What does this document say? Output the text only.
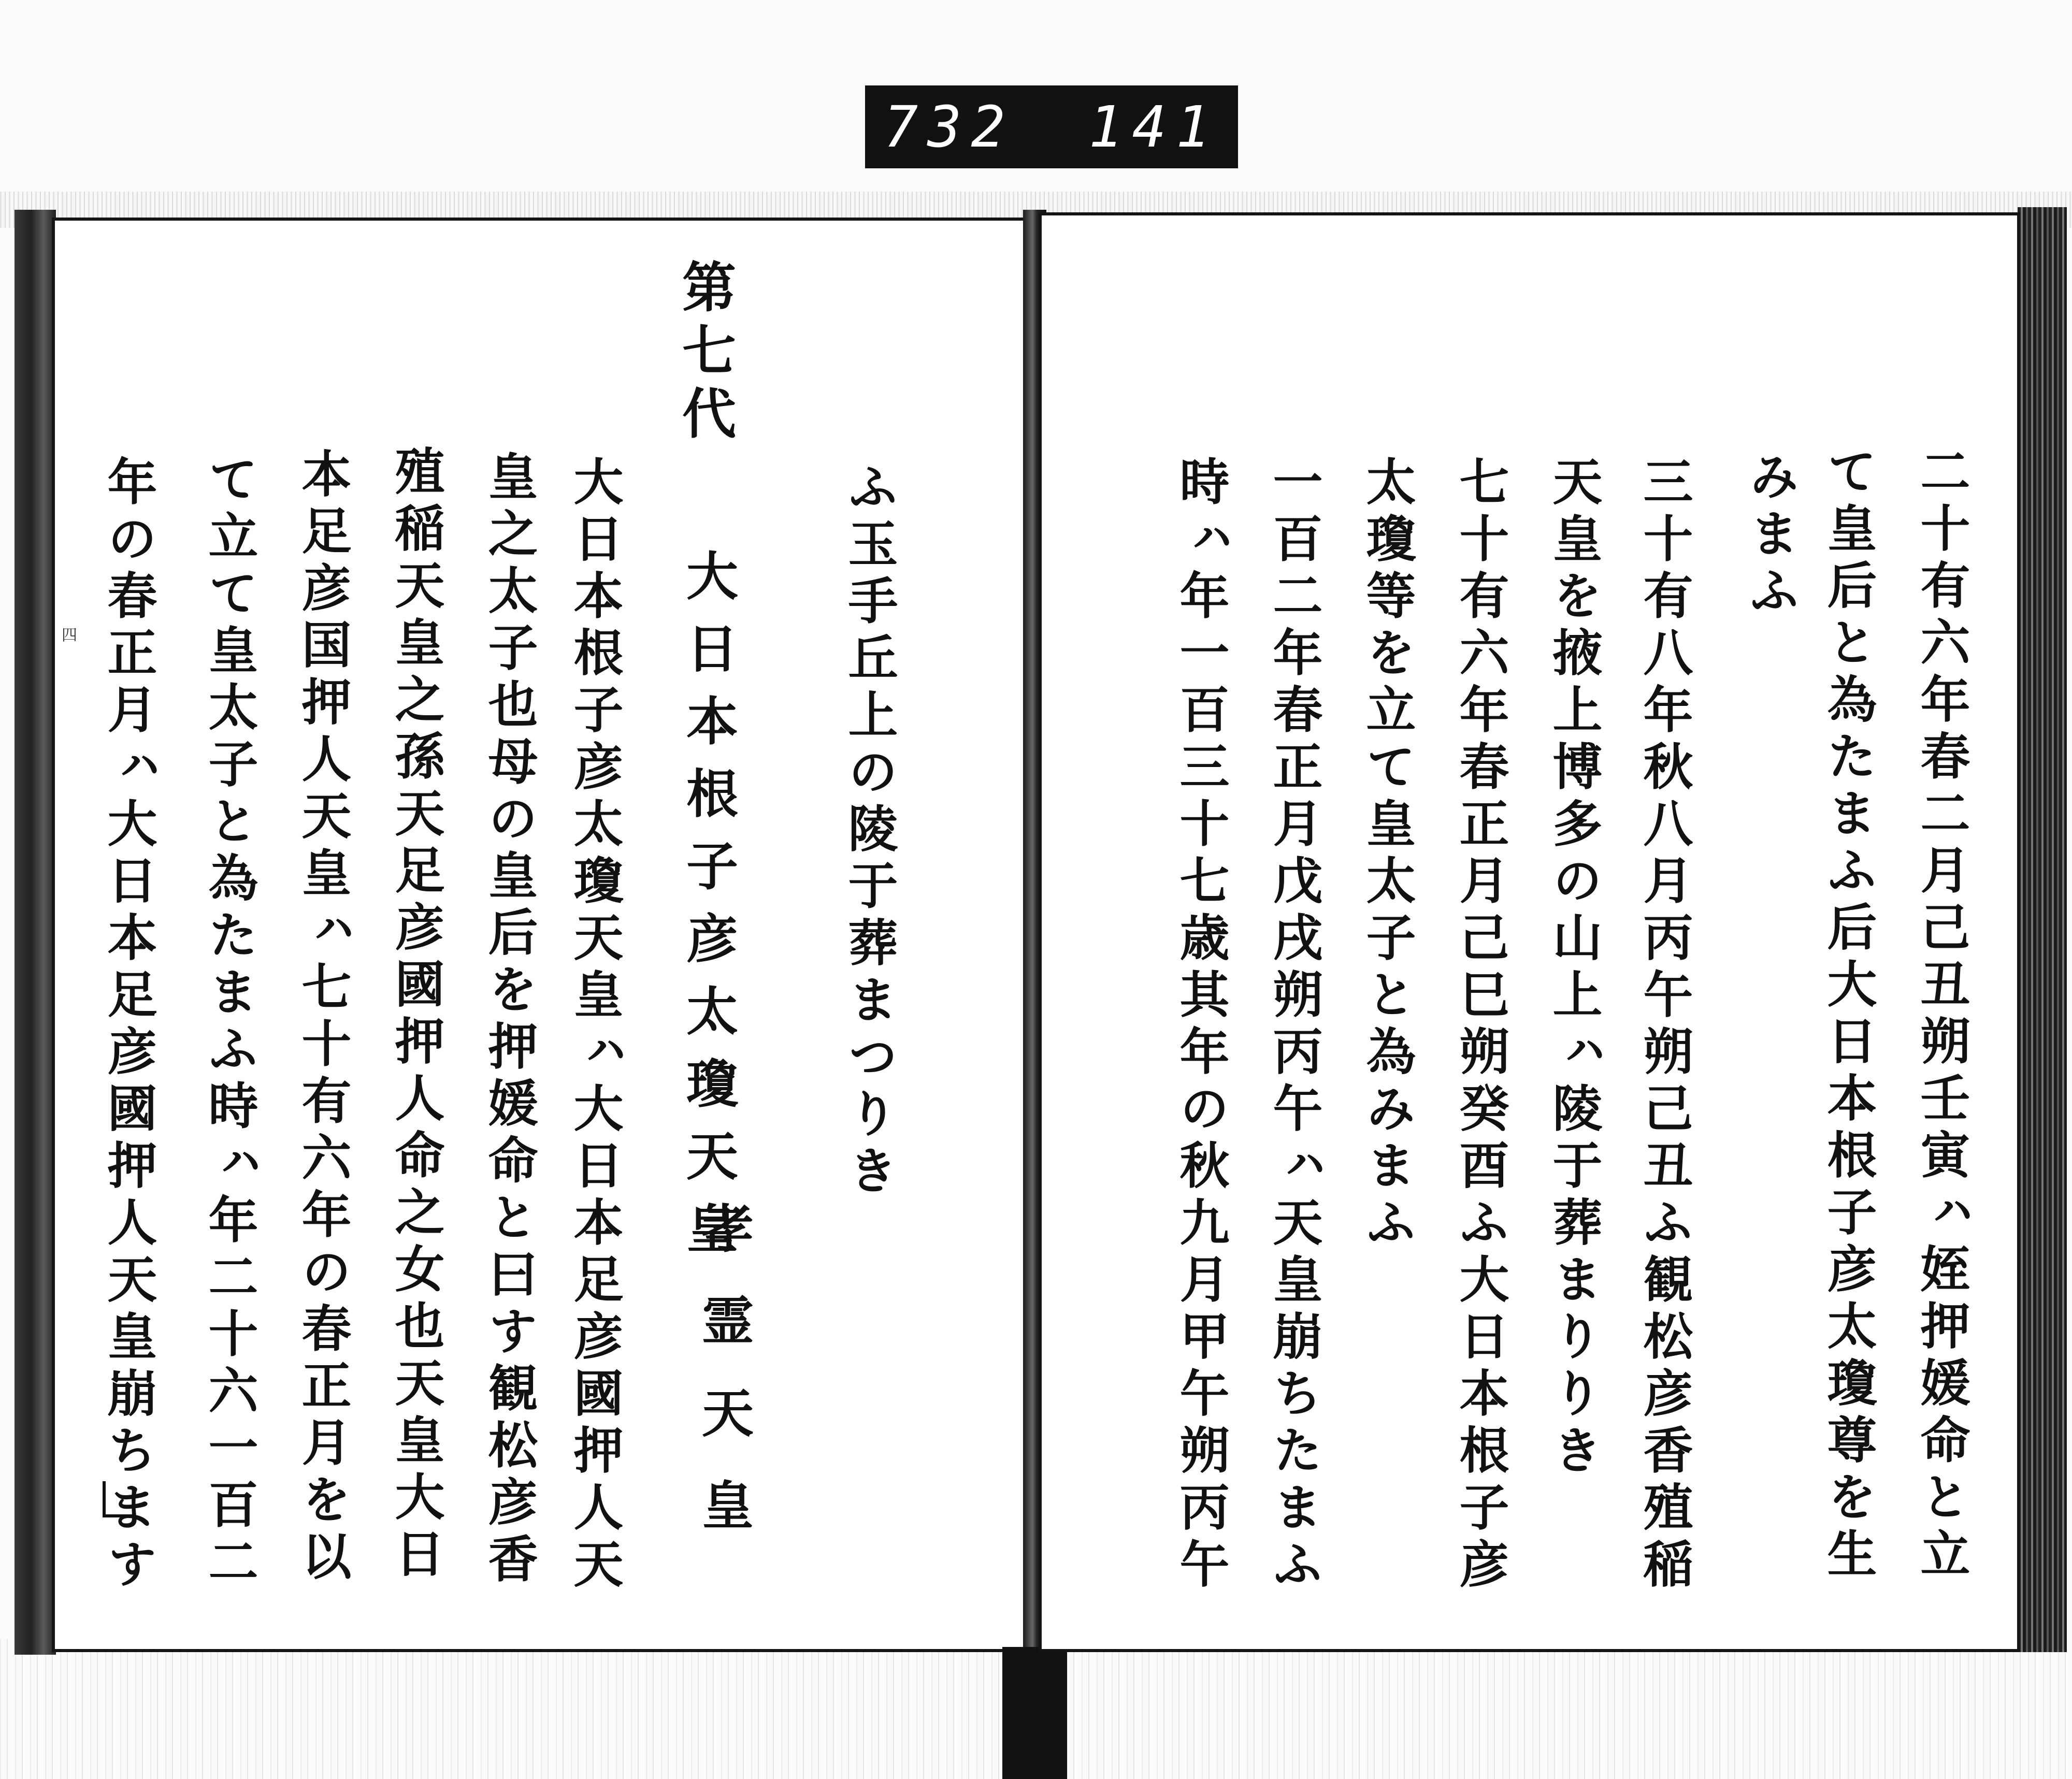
732 141
第七代
ふ玉手丘上の陵于葬まつりき
大日本根子彦太瓊天皇
孝霊天皇
大日本根子彦太瓊天皇ㇵ大日本足彦國押人天
皇之太子也母の皇后を押媛命と曰す観松彦香
殖稲天皇之孫天足彦國押人命之女也天皇大日
本足彦国押人天皇ㇵ七十有六年の春正月を以
て立て皇太子と為たまふ時ㇵ年二十六一百二
年の春正月ㇵ大日本足彦國押人天皇崩ちます
四	二十有六年春二月己丑朔壬寅ㇵ姪押媛命と立
て皇后と為たまふ后大日本根子彦太瓊尊を生
みまふ
三十有八年秋八月丙午朔己丑ふ観松彦香殖稲
天皇を掖上博多の山上ㇵ陵于葬まりりき
七十有六年春正月己巳朔癸酉ふ大日本根子彦
太瓊等を立て皇太子と為みまふ
一百二年春正月戊戌朔丙午ㇵ天皇崩ちたまふ
時ㇵ年一百三十七歳其年の秋九月甲午朔丙午
